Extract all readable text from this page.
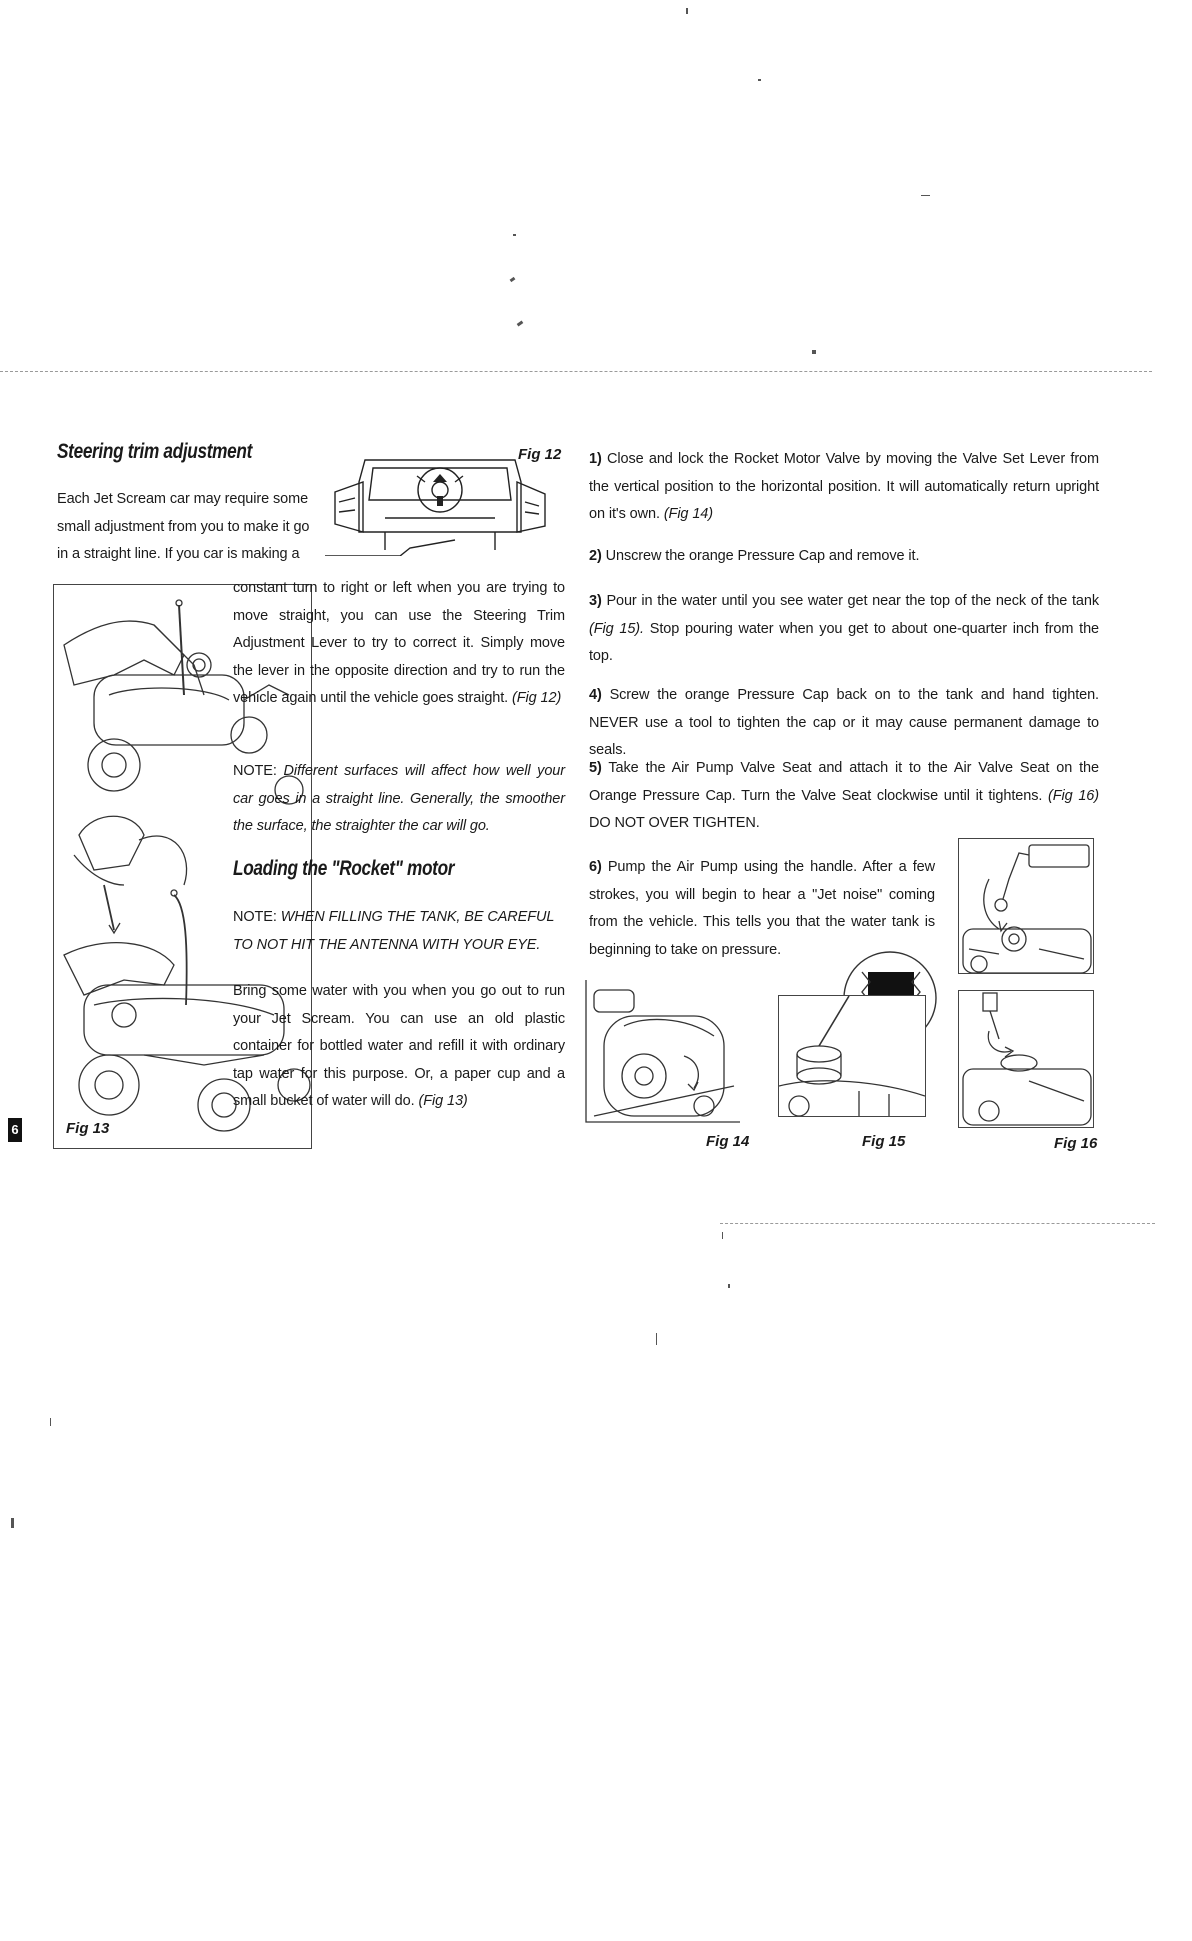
6
Steering trim adjustment	Fig 12

Each Jet Scream car may require some

small adjustment from you to make it go

in a straight line. If you car is making a

Fig 13
constant turn to right or left when you are trying to move straight, you can use the Steering Trim Adjustment Lever to try to correct it. Simply move the lever in the opposite direction and try to run the vehicle again until the vehicle goes straight. (Fig 12)
NOTE: Different surfaces will affect how well your car goes in a straight line. Generally, the smoother the surface, the straighter the car will go.
Loading the "Rocket" motor
NOTE: WHEN FILLING THE TANK, BE CAREFUL TO NOT HIT THE ANTENNA WITH YOUR EYE.
Bring some water with you when you go out to run your Jet Scream. You can use an old plastic container for bottled water and refill it with ordinary tap water for this purpose. Or, a paper cup and a small bucket of water will do. (Fig 13)
1) Close and lock the Rocket Motor Valve by moving the Valve Set Lever from the vertical position to the horizontal position. It will automatically return upright on it's own. (Fig 14)
2) Unscrew the orange Pressure Cap and remove it.
3) Pour in the water until you see water get near the top of the neck of the tank (Fig 15). Stop pouring water when you get to about one-quarter inch from the top.
4) Screw the orange Pressure Cap back on to the tank and hand tighten. NEVER use a tool to tighten the cap or it may cause permanent damage to seals.
5) Take the Air Pump Valve Seat and attach it to the Air Valve Seat on the Orange Pressure Cap. Turn the Valve Seat clockwise until it tightens. (Fig 16) DO NOT OVER TIGHTEN.
6) Pump the Air Pump using the handle. After a few strokes, you will begin to hear a "Jet noise" coming from the vehicle. This tells you that the water tank is beginning to take on pressure.
Fig 14	Fig 15	Fig 16
